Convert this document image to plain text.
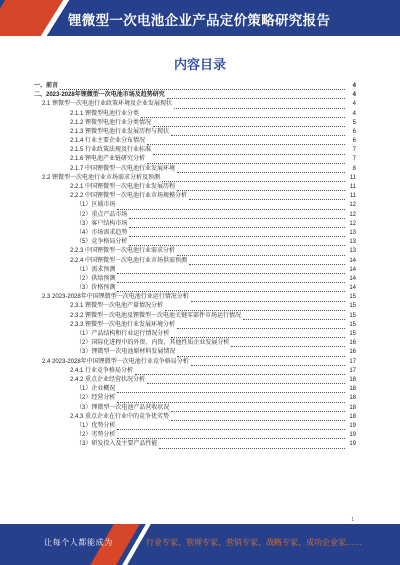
锂微型一次电池企业产品定价策略研究报告
内容目录
一、前言	4
二、2023-2028年锂微型一次电池市场及趋势研究	4
2.1 锂微型一次电池行业政策环境及企业发展现状	4
2.1.1 锂微型电池行业分类	4
2.1.2 锂微型电池行业分类情况	5
2.1.3 锂微型电池行业发展历程与现状	6
2.1.4 行业主要企业分布情况	6
2.1.5 行业政策法规及行业标准	7
2.1.6 锂电池产业链研究分析	7
2.1.7 中国锂微型一次电池行业发展环境	8
2.2 锂微型一次电池行业市场需求分析及预测	11
2.2.1 中国锂微型一次电池行业发展历程	11
2.2.2 中国锂微型一次电池行业市场规模分析	11
（1）区域市场	12
（2）重点产品市场	12
（3）客户结构市场	12
（4）市场需求趋势	13
（5）竞争格局分析	13
2.2.3 中国锂微型一次电池行业需求分析	13
2.2.4 中国锂微型一次电池行业市场供需预测	14
（1）需求预测	14
（2）供给预测	14
（3）价格预测	14
2.3 2023-2028年中国锂微型一次电池行业运行情况分析	15
2.3.1 锂微型一次电池产量情况分析	15
2.3.2 锂微型一次电池及锂微型一次电池关键零部件市场运行情况	15
2.3.3 锂微型一次电池行业发展环境分析	15
（1）产品结构和行业运行情况分析	15
（2）国际化进程中的外资、内资、其他性质企业发展分析	16
（3）锂微型一次电池原材料发展情况	16
2.4 2023-2028年中国锂微型一次电池行业竞争格局分析	17
2.4.1 行业竞争格局分析	17
2.4.2 重点企业经营状况分析	18
（1）企业概况	18
（2）经营分析	18
（3）锂微型一次电池产品营收状况	18
2.4.3 重点企业在行业中的竞争优劣势	18
（1）优势分析	19
（2）劣势分析	19
（3）研发投入及主要产品性能	19
1
让每个人都能成为	行业专家、管理专家、营销专家、战略专家、成功企业家……
